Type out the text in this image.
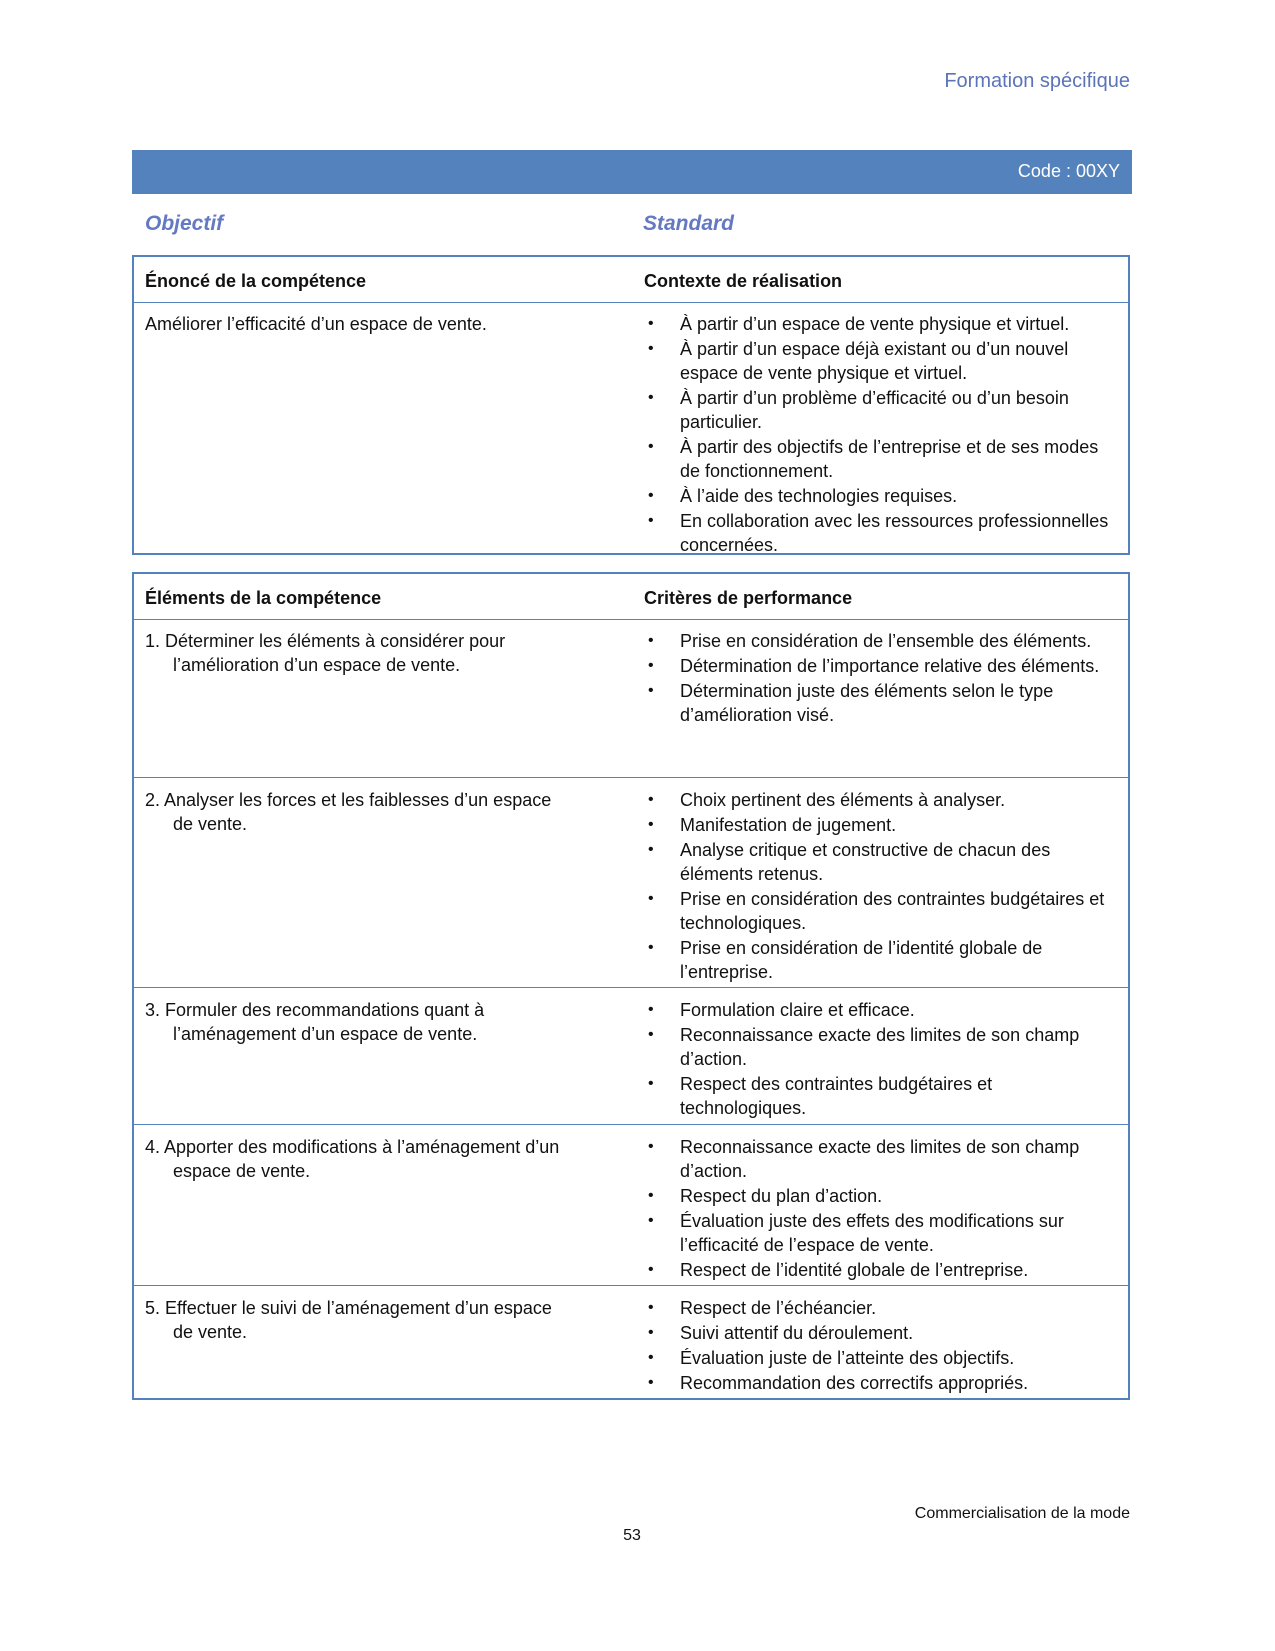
Formation spécifique
Code : 00XY
Objectif	Standard
Énoncé de la compétence	Contexte de réalisation
Améliorer l’efficacité d’un espace de vente.	• À partir d’un espace de vente physique et virtuel.
• À partir d’un espace déjà existant ou d’un nouvel espace de vente physique et virtuel.
• À partir d’un problème d’efficacité ou d’un besoin particulier.
• À partir des objectifs de l’entreprise et de ses modes de fonctionnement.
• À l’aide des technologies requises.
• En collaboration avec les ressources professionnelles concernées.
Éléments de la compétence	Critères de performance
1. Déterminer les éléments à considérer pour l’amélioration d’un espace de vente.
• Prise en considération de l’ensemble des éléments.
• Détermination de l’importance relative des éléments.
• Détermination juste des éléments selon le type d’amélioration visé.
2. Analyser les forces et les faiblesses d’un espace de vente.
• Choix pertinent des éléments à analyser.
• Manifestation de jugement.
• Analyse critique et constructive de chacun des éléments retenus.
• Prise en considération des contraintes budgétaires et technologiques.
• Prise en considération de l’identité globale de l’entreprise.
3. Formuler des recommandations quant à l’aménagement d’un espace de vente.
• Formulation claire et efficace.
• Reconnaissance exacte des limites de son champ d’action.
• Respect des contraintes budgétaires et technologiques.
4. Apporter des modifications à l’aménagement d’un espace de vente.
• Reconnaissance exacte des limites de son champ d’action.
• Respect du plan d’action.
• Évaluation juste des effets des modifications sur l’efficacité de l’espace de vente.
• Respect de l’identité globale de l’entreprise.
5. Effectuer le suivi de l’aménagement d’un espace de vente.
• Respect de l’échéancier.
• Suivi attentif du déroulement.
• Évaluation juste de l’atteinte des objectifs.
• Recommandation des correctifs appropriés.
Commercialisation de la mode
53
